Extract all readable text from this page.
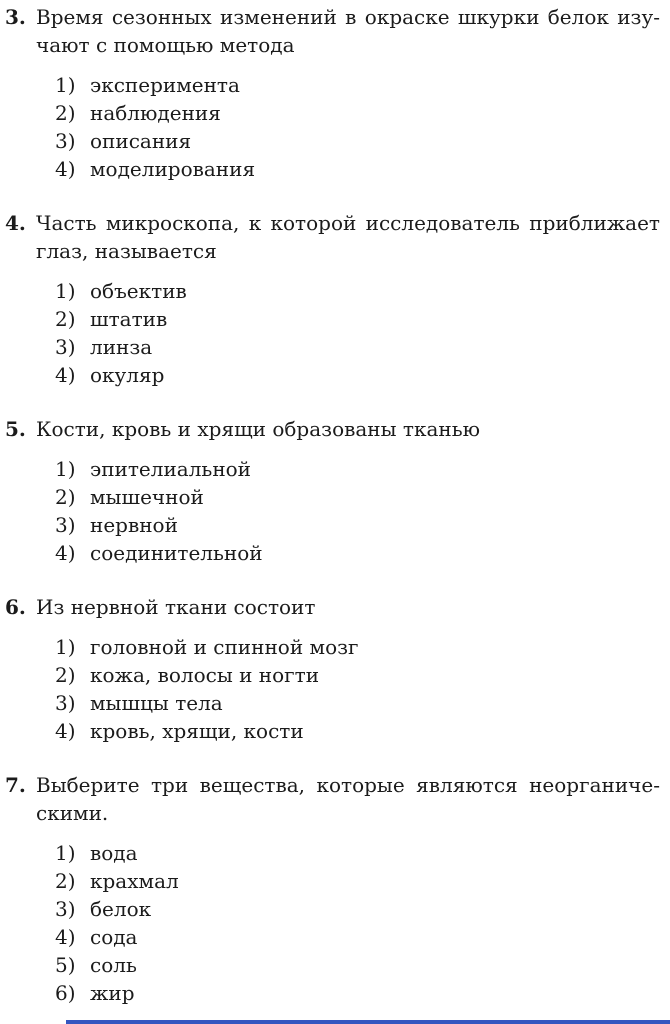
3. Время сезонных изменений в окраске шкурки белок изу-
чают с помощью метода
1) эксперимента
2) наблюдения
3) описания
4) моделирования
4. Часть микроскопа, к которой исследователь приближает
глаз, называется
1) объектив
2) штатив
3) линза
4) окуляр
5. Кости, кровь и хрящи образованы тканью
1) эпителиальной
2) мышечной
3) нервной
4) соединительной
6. Из нервной ткани состоит
1) головной и спинной мозг
2) кожа, волосы и ногти
3) мышцы тела
4) кровь, хрящи, кости
7. Выберите три вещества, которые являются неорганиче-
скими.
1) вода
2) крахмал
3) белок
4) сода
5) соль
6) жир
